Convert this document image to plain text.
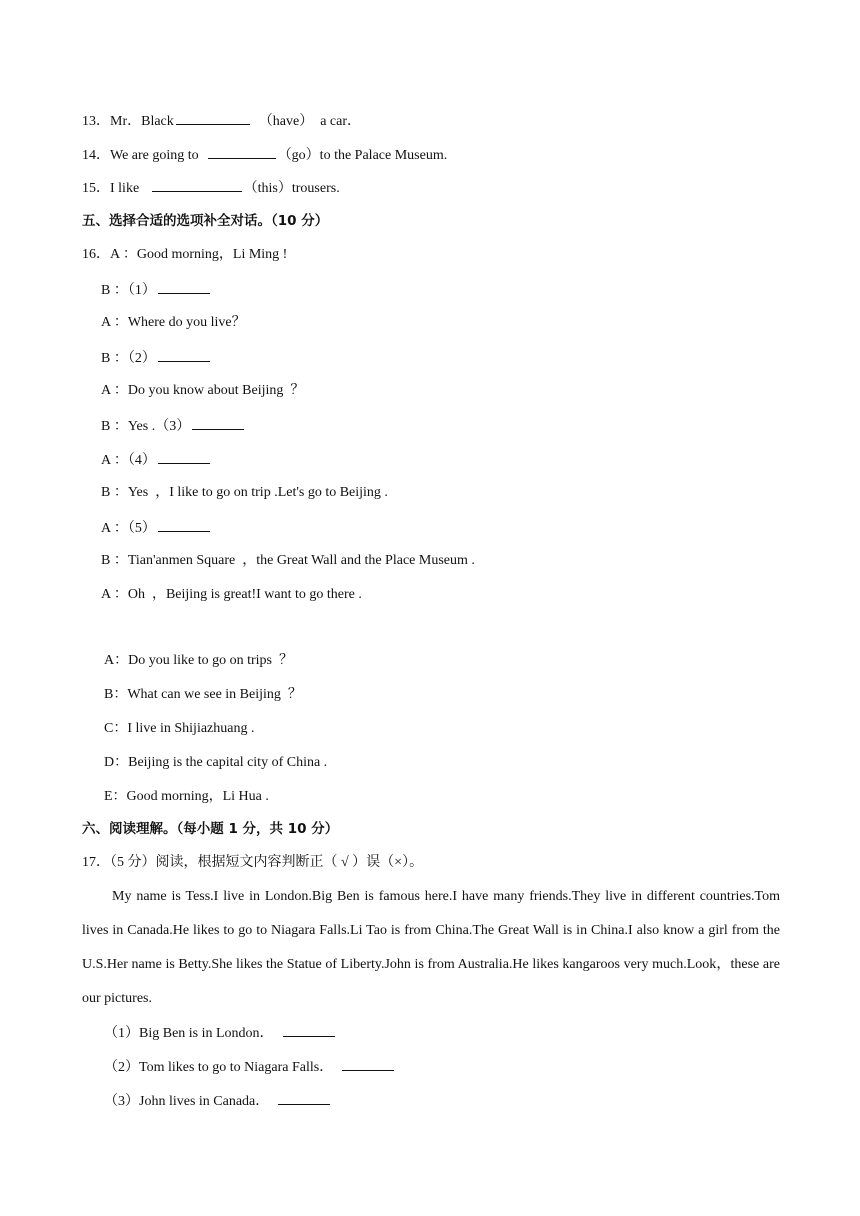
13．Mr．Black	（have）  a car．
14．We are going to	（go）to the Palace Museum.
15．I like	（this）trousers.
五、选择合适的选项补全对话。（10 分）
16．A ：Good morning，Li Ming !
六、阅读理解。（每小题 1 分，共 10 分）
17．（5 分）阅读，根据短文内容判断正（ √ ）误（×）。
My name is Tess.I live in London.Big Ben is famous here.I have many friends.They live in different countries.Tom lives in Canada.He likes to go to Niagara Falls.Li Tao is from China.The Great Wall is in China.I also know a girl from the U.S.Her name is Betty.She likes the Statue of Liberty.John is from Australia.He likes kangaroos very much.Look，these are our pictures.
B ：（1）
A ：Where do you live？
B ：（2）
A ：Do you know about Beijing  ？
B ：Yes .（3）
A ：（4）
B ：Yes  ，I like to go on trip .Let's go to Beijing .
A ：（5）
B ：Tian'anmen Square  ，the Great Wall and the Place Museum .
A ：Oh  ，Beijing is great!I want to go there .
A：Do you like to go on trips  ？
B：What can we see in Beijing  ？
C：I live in Shijiazhuang .
D：Beijing is the capital city of China .
E：Good morning，Li Hua .
（1）Big Ben is in London．
（2）Tom likes to go to Niagara Falls．
（3）John lives in Canada．
